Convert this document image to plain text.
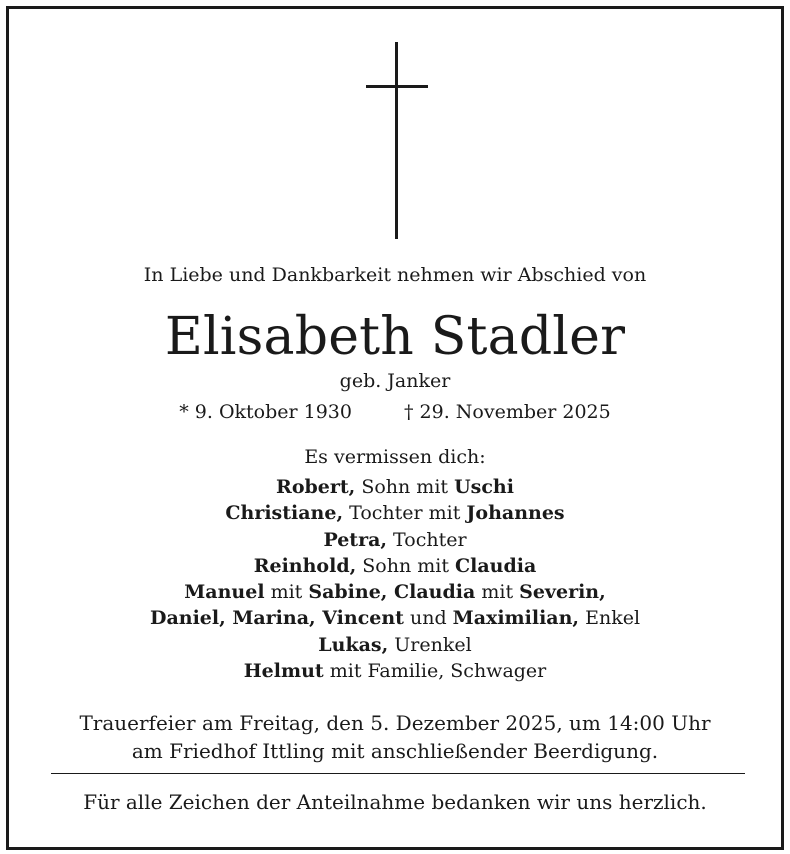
In Liebe und Dankbarkeit nehmen wir Abschied von
Elisabeth Stadler
geb. Janker
* 9. Oktober 1930	† 29. November 2025
Es vermissen dich:
Robert, Sohn mit Uschi
Christiane, Tochter mit Johannes
Petra, Tochter
Reinhold, Sohn mit Claudia
Manuel mit Sabine, Claudia mit Severin,
Daniel, Marina, Vincent und Maximilian, Enkel
Lukas, Urenkel
Helmut mit Familie, Schwager
Trauerfeier am Freitag, den 5. Dezember 2025, um 14:00 Uhr
am Friedhof Ittling mit anschließender Beerdigung.
Für alle Zeichen der Anteilnahme bedanken wir uns herzlich.
